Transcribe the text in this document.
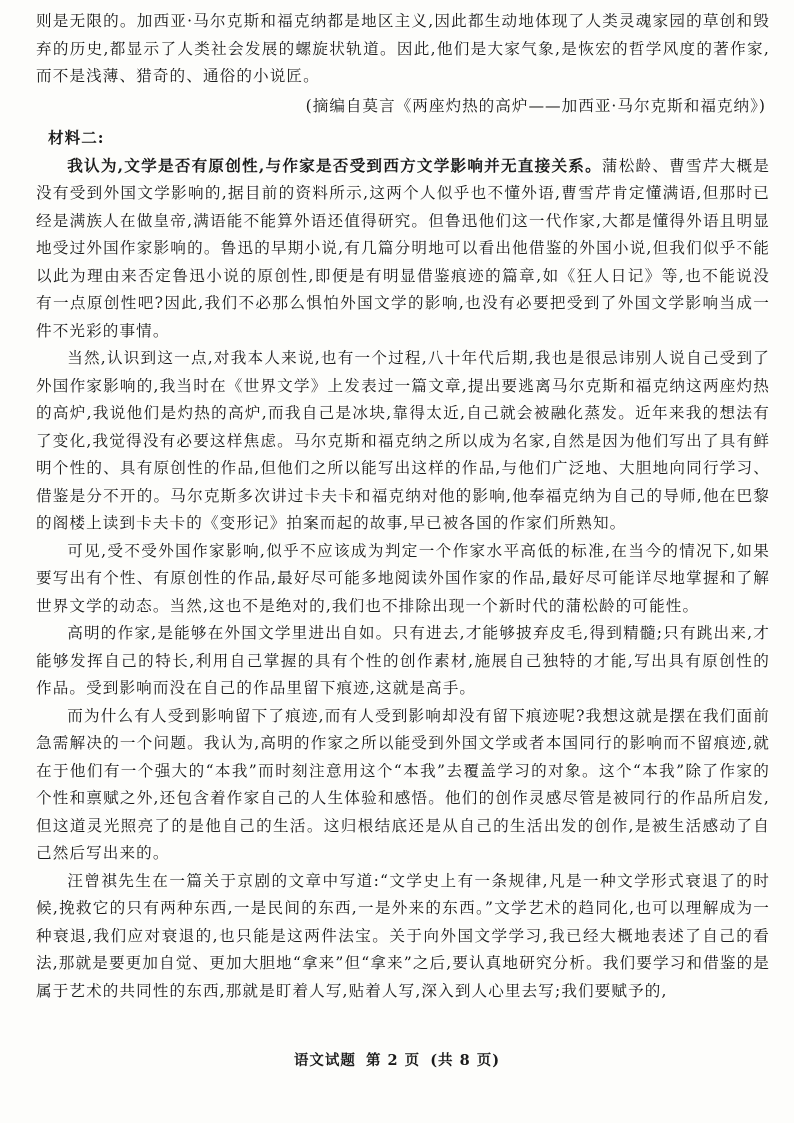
则是无限的。加西亚·马尔克斯和福克纳都是地区主义,因此都生动地体现了人类灵魂家园的草创和毁弃的历史,都显示了人类社会发展的螺旋状轨道。因此,他们是大家气象,是恢宏的哲学风度的著作家,而不是浅薄、猎奇的、通俗的小说匠。

(摘编自莫言《两座灼热的高炉——加西亚·马尔克斯和福克纳》)

材料二:

我认为,文学是否有原创性,与作家是否受到西方文学影响并无直接关系。蒲松龄、曹雪芹大概是没有受到外国文学影响的,据目前的资料所示,这两个人似乎也不懂外语,曹雪芹肯定懂满语,但那时已经是满族人在做皇帝,满语能不能算外语还值得研究。但鲁迅他们这一代作家,大都是懂得外语且明显地受过外国作家影响的。鲁迅的早期小说,有几篇分明地可以看出他借鉴的外国小说,但我们似乎不能以此为理由来否定鲁迅小说的原创性,即便是有明显借鉴痕迹的篇章,如《狂人日记》等,也不能说没有一点原创性吧?因此,我们不必那么惧怕外国文学的影响,也没有必要把受到了外国文学影响当成一件不光彩的事情。

当然,认识到这一点,对我本人来说,也有一个过程,八十年代后期,我也是很忌讳别人说自己受到了外国作家影响的,我当时在《世界文学》上发表过一篇文章,提出要逃离马尔克斯和福克纳这两座灼热的高炉,我说他们是灼热的高炉,而我自己是冰块,靠得太近,自己就会被融化蒸发。近年来我的想法有了变化,我觉得没有必要这样焦虑。马尔克斯和福克纳之所以成为名家,自然是因为他们写出了具有鲜明个性的、具有原创性的作品,但他们之所以能写出这样的作品,与他们广泛地、大胆地向同行学习、借鉴是分不开的。马尔克斯多次讲过卡夫卡和福克纳对他的影响,他奉福克纳为自己的导师,他在巴黎的阁楼上读到卡夫卡的《变形记》拍案而起的故事,早已被各国的作家们所熟知。

可见,受不受外国作家影响,似乎不应该成为判定一个作家水平高低的标准,在当今的情况下,如果要写出有个性、有原创性的作品,最好尽可能多地阅读外国作家的作品,最好尽可能详尽地掌握和了解世界文学的动态。当然,这也不是绝对的,我们也不排除出现一个新时代的蒲松龄的可能性。

高明的作家,是能够在外国文学里进出自如。只有进去,才能够披弃皮毛,得到精髓;只有跳出来,才能够发挥自己的特长,利用自己掌握的具有个性的创作素材,施展自己独特的才能,写出具有原创性的作品。受到影响而没在自己的作品里留下痕迹,这就是高手。

而为什么有人受到影响留下了痕迹,而有人受到影响却没有留下痕迹呢?我想这就是摆在我们面前急需解决的一个问题。我认为,高明的作家之所以能受到外国文学或者本国同行的影响而不留痕迹,就在于他们有一个强大的“本我”而时刻注意用这个“本我”去覆盖学习的对象。这个“本我”除了作家的个性和禀赋之外,还包含着作家自己的人生体验和感悟。他们的创作灵感尽管是被同行的作品所启发,但这道灵光照亮了的是他自己的生活。这归根结底还是从自己的生活出发的创作,是被生活感动了自己然后写出来的。

汪曾祺先生在一篇关于京剧的文章中写道:“文学史上有一条规律,凡是一种文学形式衰退了的时候,挽救它的只有两种东西,一是民间的东西,一是外来的东西。”文学艺术的趋同化,也可以理解成为一种衰退,我们应对衰退的,也只能是这两件法宝。关于向外国文学学习,我已经大概地表述了自己的看法,那就是要更加自觉、更加大胆地“拿来”但“拿来”之后,要认真地研究分析。我们要学习和借鉴的是属于艺术的共同性的东西,那就是盯着人写,贴着人写,深入到人心里去写;我们要赋予的,

语文试题 第 2 页 (共 8 页)
